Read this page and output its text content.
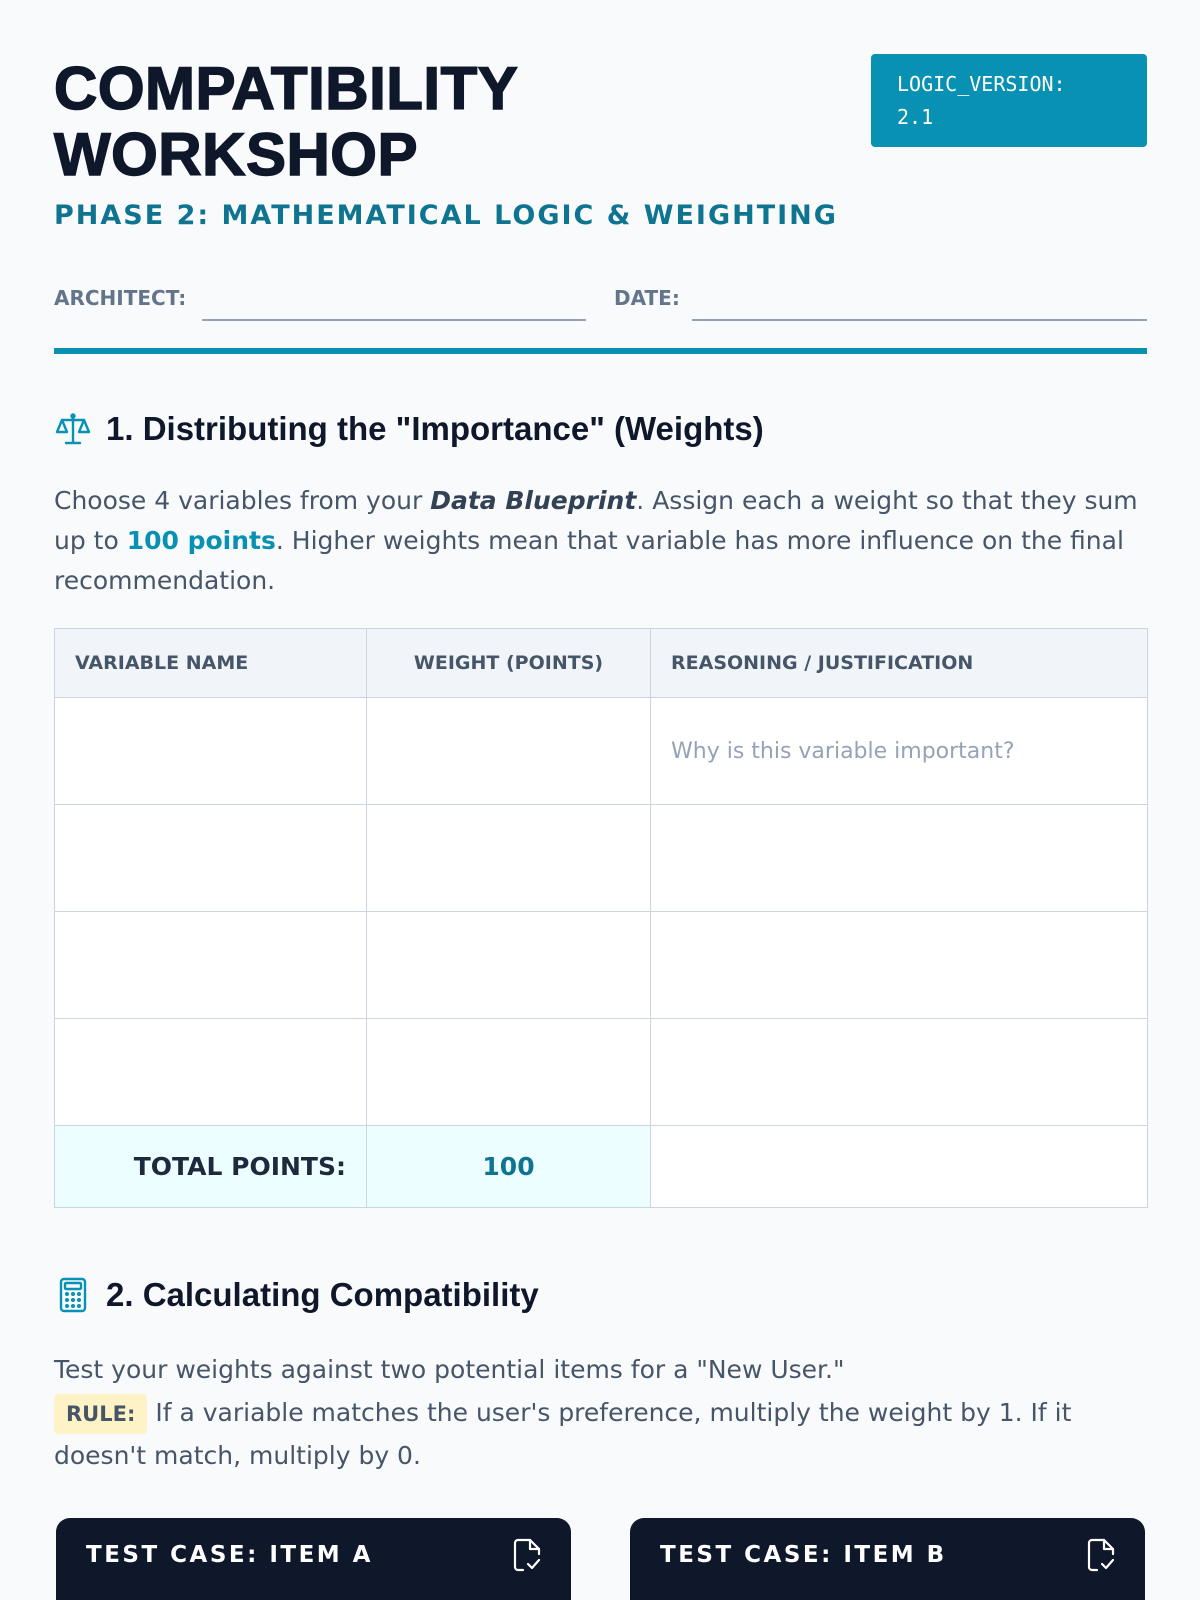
COMPATIBILITY
WORKSHOP
LOGIC_VERSION:
2.1
PHASE 2: MATHEMATICAL LOGIC & WEIGHTING
ARCHITECT:	DATE:
1. Distributing the "Importance" (Weights)

Choose 4 variables from your Data Blueprint. Assign each a weight so that they sum up to 100 points. Higher weights mean that variable has more influence on the final recommendation.

VARIABLE NAME	WEIGHT (POINTS)	REASONING / JUSTIFICATION
		Why is this variable important?

TOTAL POINTS:	100	
2. Calculating Compatibility
Test your weights against two potential items for a "New User."
RULE: If a variable matches the user's preference, multiply the weight by 1. If it doesn't match, multiply by 0.
TEST CASE: ITEM A	TEST CASE: ITEM B
